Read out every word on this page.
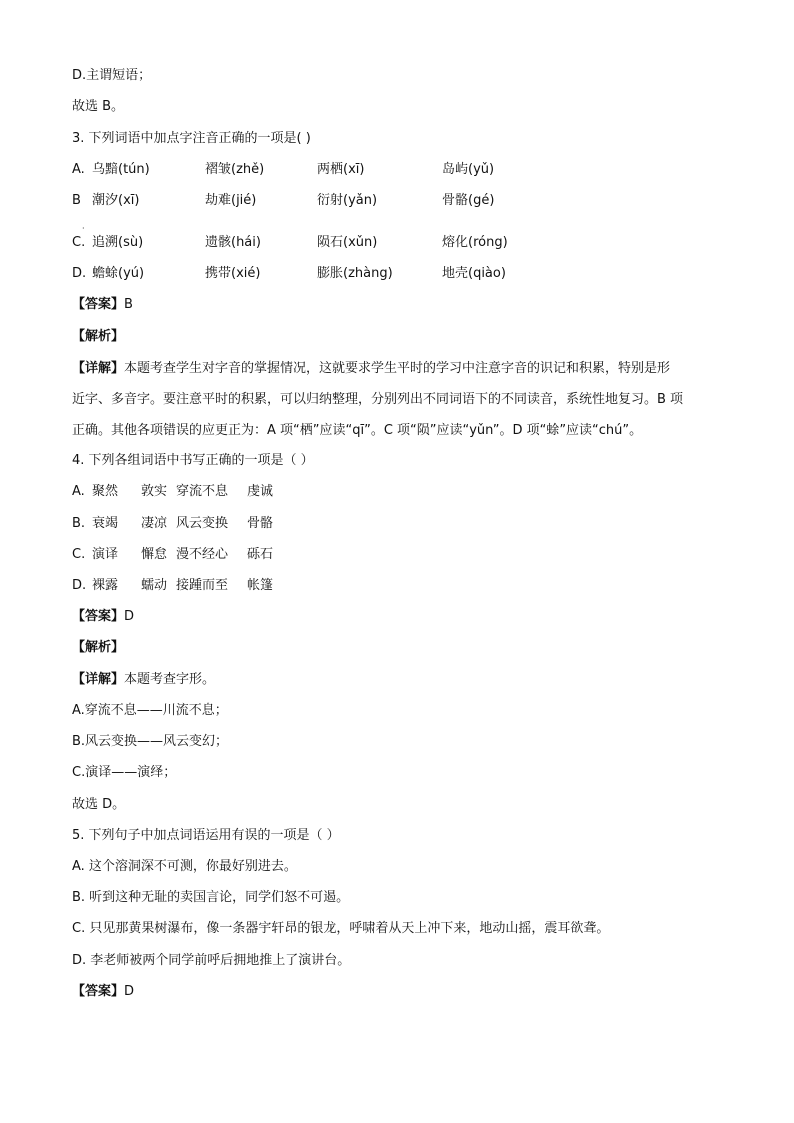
D.主谓短语；
故选 B。
3. 下列词语中加点字注音正确的一项是( )
A. 乌黯(tún)	褶皱(zhě)	两栖(xī)	岛屿(yǔ)
B 潮汐(xī)	劫难(jié)	衍射(yǎn)	骨骼(gé)
·
C. 追溯(sù)	遗骸(hái)	陨石(xǔn)	熔化(róng)
D. 蟾蜍(yú)	携带(xié)	膨胀(zhàng)	地壳(qiào)
【答案】B
【解析】
【详解】本题考查学生对字音的掌握情况，这就要求学生平时的学习中注意字音的识记和积累，特别是形
近字、多音字。要注意平时的积累，可以归纳整理，分别列出不同词语下的不同读音，系统性地复习。B 项
正确。其他各项错误的应更正为：A 项“栖”应读“qī”。C 项“陨”应读“yǔn”。D 项“蜍”应读“chú”。
4. 下列各组词语中书写正确的一项是（ ）
A. 聚然 敦实 穿流不息 虔诚
B. 衰竭 凄凉 风云变换 骨骼
C. 演译 懈怠 漫不经心 砾石
D. 裸露 蠕动 接踵而至 帐篷
【答案】D
【解析】
【详解】本题考查字形。
A.穿流不息——川流不息；
B.风云变换——风云变幻；
C.演译——演绎；
故选 D。
5. 下列句子中加点词语运用有误的一项是（ ）
A. 这个溶洞深不可测，你最好别进去。
B. 听到这种无耻的卖国言论，同学们怒不可遏。
C. 只见那黄果树瀑布，像一条器宇轩昂的银龙，呼啸着从天上冲下来，地动山摇，震耳欲聋。
D. 李老师被两个同学前呼后拥地推上了演讲台。
【答案】D
